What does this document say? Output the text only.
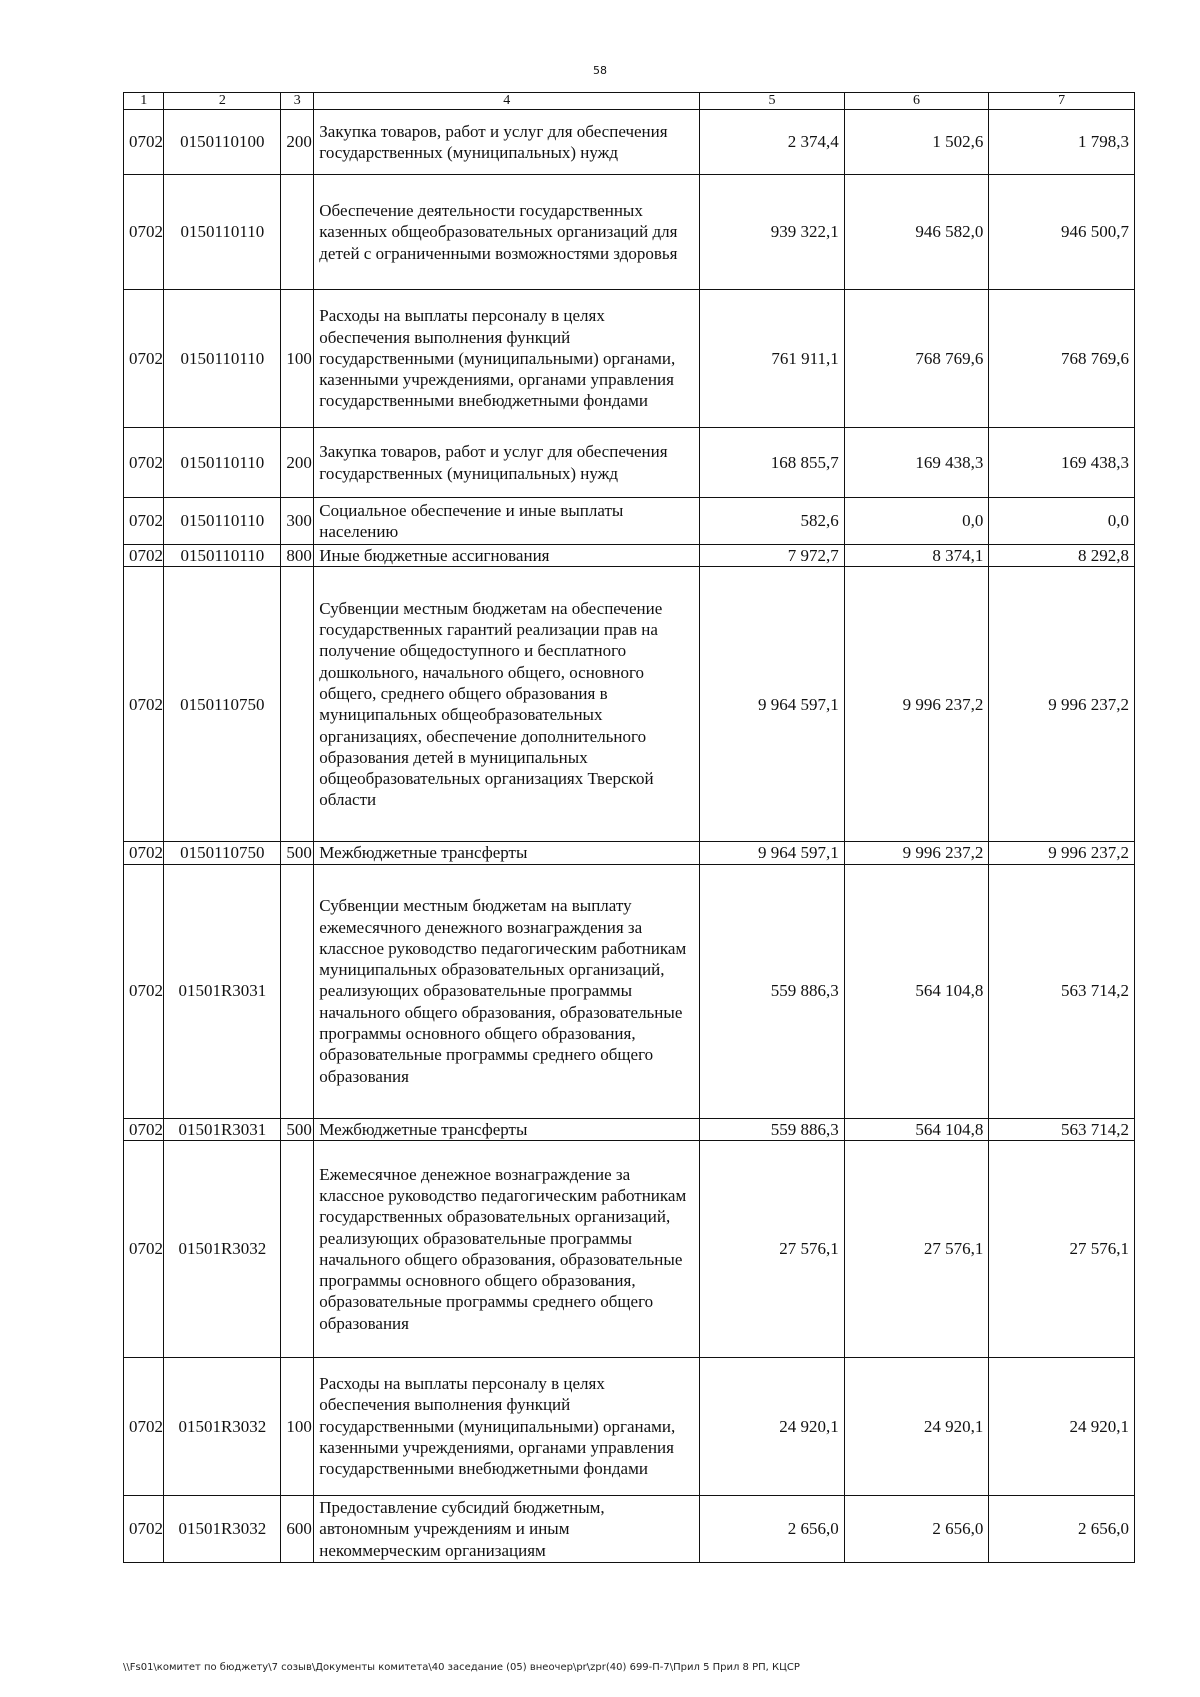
58
1	2	3	4	5	6	7
0702	0150110100	200	Закупка товаров, работ и услуг для обеспечения государственных (муниципальных) нужд	2 374,4	1 502,6	1 798,3
0702	0150110110		Обеспечение деятельности государственных казенных общеобразовательных организаций для детей с ограниченными возможностями здоровья	939 322,1	946 582,0	946 500,7
0702	0150110110	100	Расходы на выплаты персоналу в целях обеспечения выполнения функций государственными (муниципальными) органами, казенными учреждениями, органами управления государственными внебюджетными фондами	761 911,1	768 769,6	768 769,6
0702	0150110110	200	Закупка товаров, работ и услуг для обеспечения государственных (муниципальных) нужд	168 855,7	169 438,3	169 438,3
0702	0150110110	300	Социальное обеспечение и иные выплаты населению	582,6	0,0	0,0
0702	0150110110	800	Иные бюджетные ассигнования	7 972,7	8 374,1	8 292,8
0702	0150110750		Субвенции местным бюджетам на обеспечение государственных гарантий реализации прав на получение общедоступного и бесплатного дошкольного, начального общего, основного общего, среднего общего образования в муниципальных общеобразовательных организациях, обеспечение дополнительного образования детей в муниципальных общеобразовательных организациях Тверской области	9 964 597,1	9 996 237,2	9 996 237,2
0702	0150110750	500	Межбюджетные трансферты	9 964 597,1	9 996 237,2	9 996 237,2
0702	01501R3031		Субвенции местным бюджетам на выплату ежемесячного денежного вознаграждения за классное руководство педагогическим работникам муниципальных образовательных организаций, реализующих образовательные программы начального общего образования, образовательные программы основного общего образования, образовательные программы среднего общего образования	559 886,3	564 104,8	563 714,2
0702	01501R3031	500	Межбюджетные трансферты	559 886,3	564 104,8	563 714,2
0702	01501R3032		Ежемесячное денежное вознаграждение за классное руководство педагогическим работникам государственных образовательных организаций, реализующих образовательные программы начального общего образования, образовательные программы основного общего образования, образовательные программы среднего общего образования	27 576,1	27 576,1	27 576,1
0702	01501R3032	100	Расходы на выплаты персоналу в целях обеспечения выполнения функций государственными (муниципальными) органами, казенными учреждениями, органами управления государственными внебюджетными фондами	24 920,1	24 920,1	24 920,1
0702	01501R3032	600	Предоставление субсидий бюджетным, автономным учреждениям и иным некоммерческим организациям	2 656,0	2 656,0	2 656,0
\\Fs01\комитет по бюджету\7 созыв\Документы комитета\40 заседание (05) внеочер\pr\zpr(40) 699-П-7\Прил 5 Прил 8 РП, КЦСР
